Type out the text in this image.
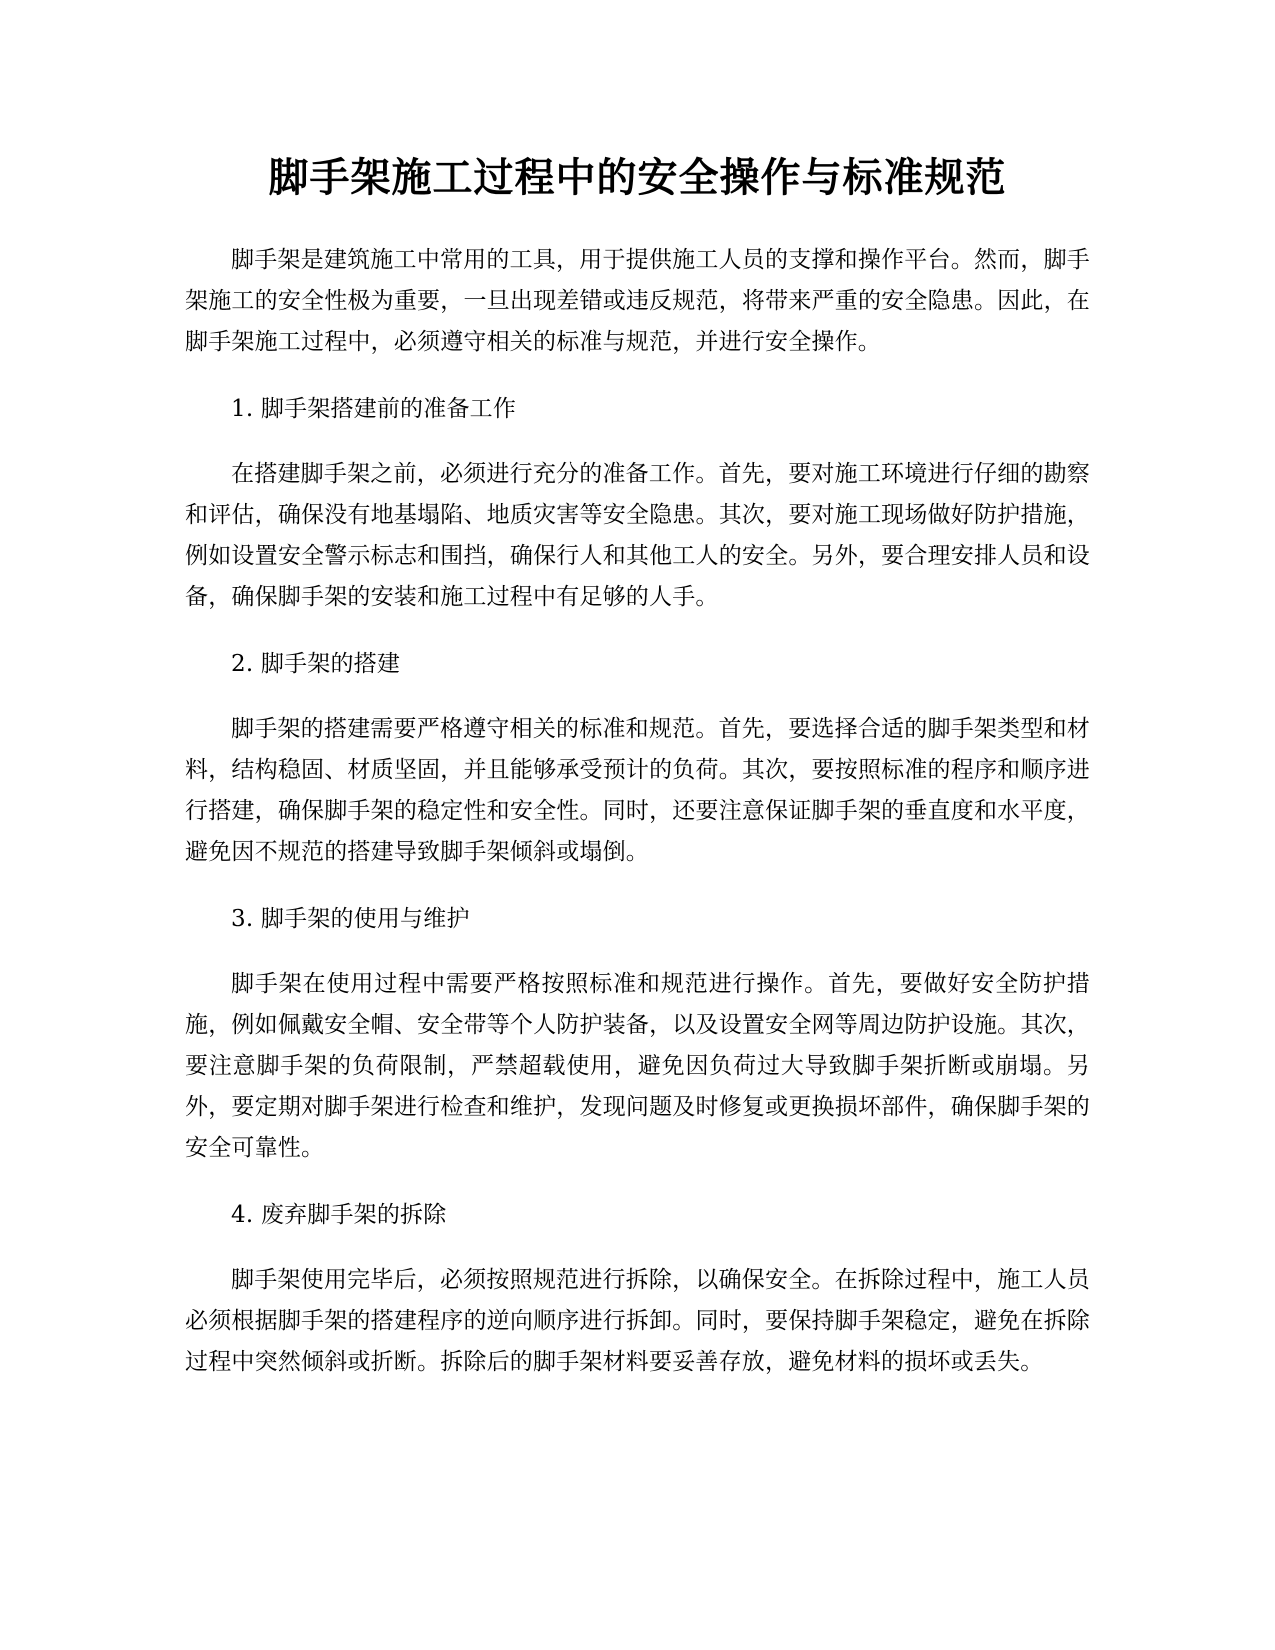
脚手架施工过程中的安全操作与标准规范

脚手架是建筑施工中常用的工具，用于提供施工人员的支撑和操作平台。然而，脚手架施工的安全性极为重要，一旦出现差错或违反规范，将带来严重的安全隐患。因此，在脚手架施工过程中，必须遵守相关的标准与规范，并进行安全操作。

1. 脚手架搭建前的准备工作

在搭建脚手架之前，必须进行充分的准备工作。首先，要对施工环境进行仔细的勘察和评估，确保没有地基塌陷、地质灾害等安全隐患。其次，要对施工现场做好防护措施，例如设置安全警示标志和围挡，确保行人和其他工人的安全。另外，要合理安排人员和设备，确保脚手架的安装和施工过程中有足够的人手。

2. 脚手架的搭建

脚手架的搭建需要严格遵守相关的标准和规范。首先，要选择合适的脚手架类型和材料，结构稳固、材质坚固，并且能够承受预计的负荷。其次，要按照标准的程序和顺序进行搭建，确保脚手架的稳定性和安全性。同时，还要注意保证脚手架的垂直度和水平度，避免因不规范的搭建导致脚手架倾斜或塌倒。

3. 脚手架的使用与维护

脚手架在使用过程中需要严格按照标准和规范进行操作。首先，要做好安全防护措施，例如佩戴安全帽、安全带等个人防护装备，以及设置安全网等周边防护设施。其次，要注意脚手架的负荷限制，严禁超载使用，避免因负荷过大导致脚手架折断或崩塌。另外，要定期对脚手架进行检查和维护，发现问题及时修复或更换损坏部件，确保脚手架的安全可靠性。

4. 废弃脚手架的拆除

脚手架使用完毕后，必须按照规范进行拆除，以确保安全。在拆除过程中，施工人员必须根据脚手架的搭建程序的逆向顺序进行拆卸。同时，要保持脚手架稳定，避免在拆除过程中突然倾斜或折断。拆除后的脚手架材料要妥善存放，避免材料的损坏或丢失。
